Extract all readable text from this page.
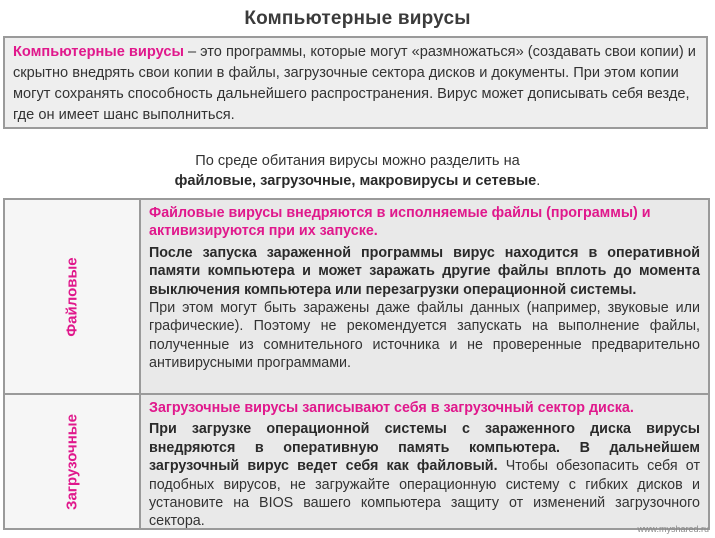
Компьютерные вирусы
Компьютерные вирусы – это программы, которые могут «размножаться» (создавать свои копии) и скрытно внедрять свои копии в файлы, загрузочные сектора дисков и документы. При этом копии могут сохранять способность дальнейшего распространения. Вирус может дописывать себя везде, где он имеет шанс выполниться.
По среде обитания вирусы можно разделить на
файловые, загрузочные, макровирусы и сетевые.
Файловые

Файловые вирусы внедряются в исполняемые файлы (программы) и активизируются при их запуске.

После запуска зараженной программы вирус находится в оперативной памяти компьютера и может заражать другие файлы вплоть до момента выключения компьютера или перезагрузки операционной системы.

При этом могут быть заражены даже файлы данных (например, звуковые или графические). Поэтому не рекомендуется запускать на выполнение файлы, полученные из сомнительного источника и не проверенные предварительно антивирусными программами.

Загрузочные

Загрузочные вирусы записывают себя в загрузочный сектор диска.

При загрузке операционной системы с зараженного диска вирусы внедряются в оперативную память компьютера. В дальнейшем загрузочный вирус ведет себя как файловый. Чтобы обезопасить себя от подобных вирусов, не загружайте операционную систему с гибких дисков и установите на BIOS вашего компьютера защиту от изменений загрузочного сектора.	www.myshared.ru
